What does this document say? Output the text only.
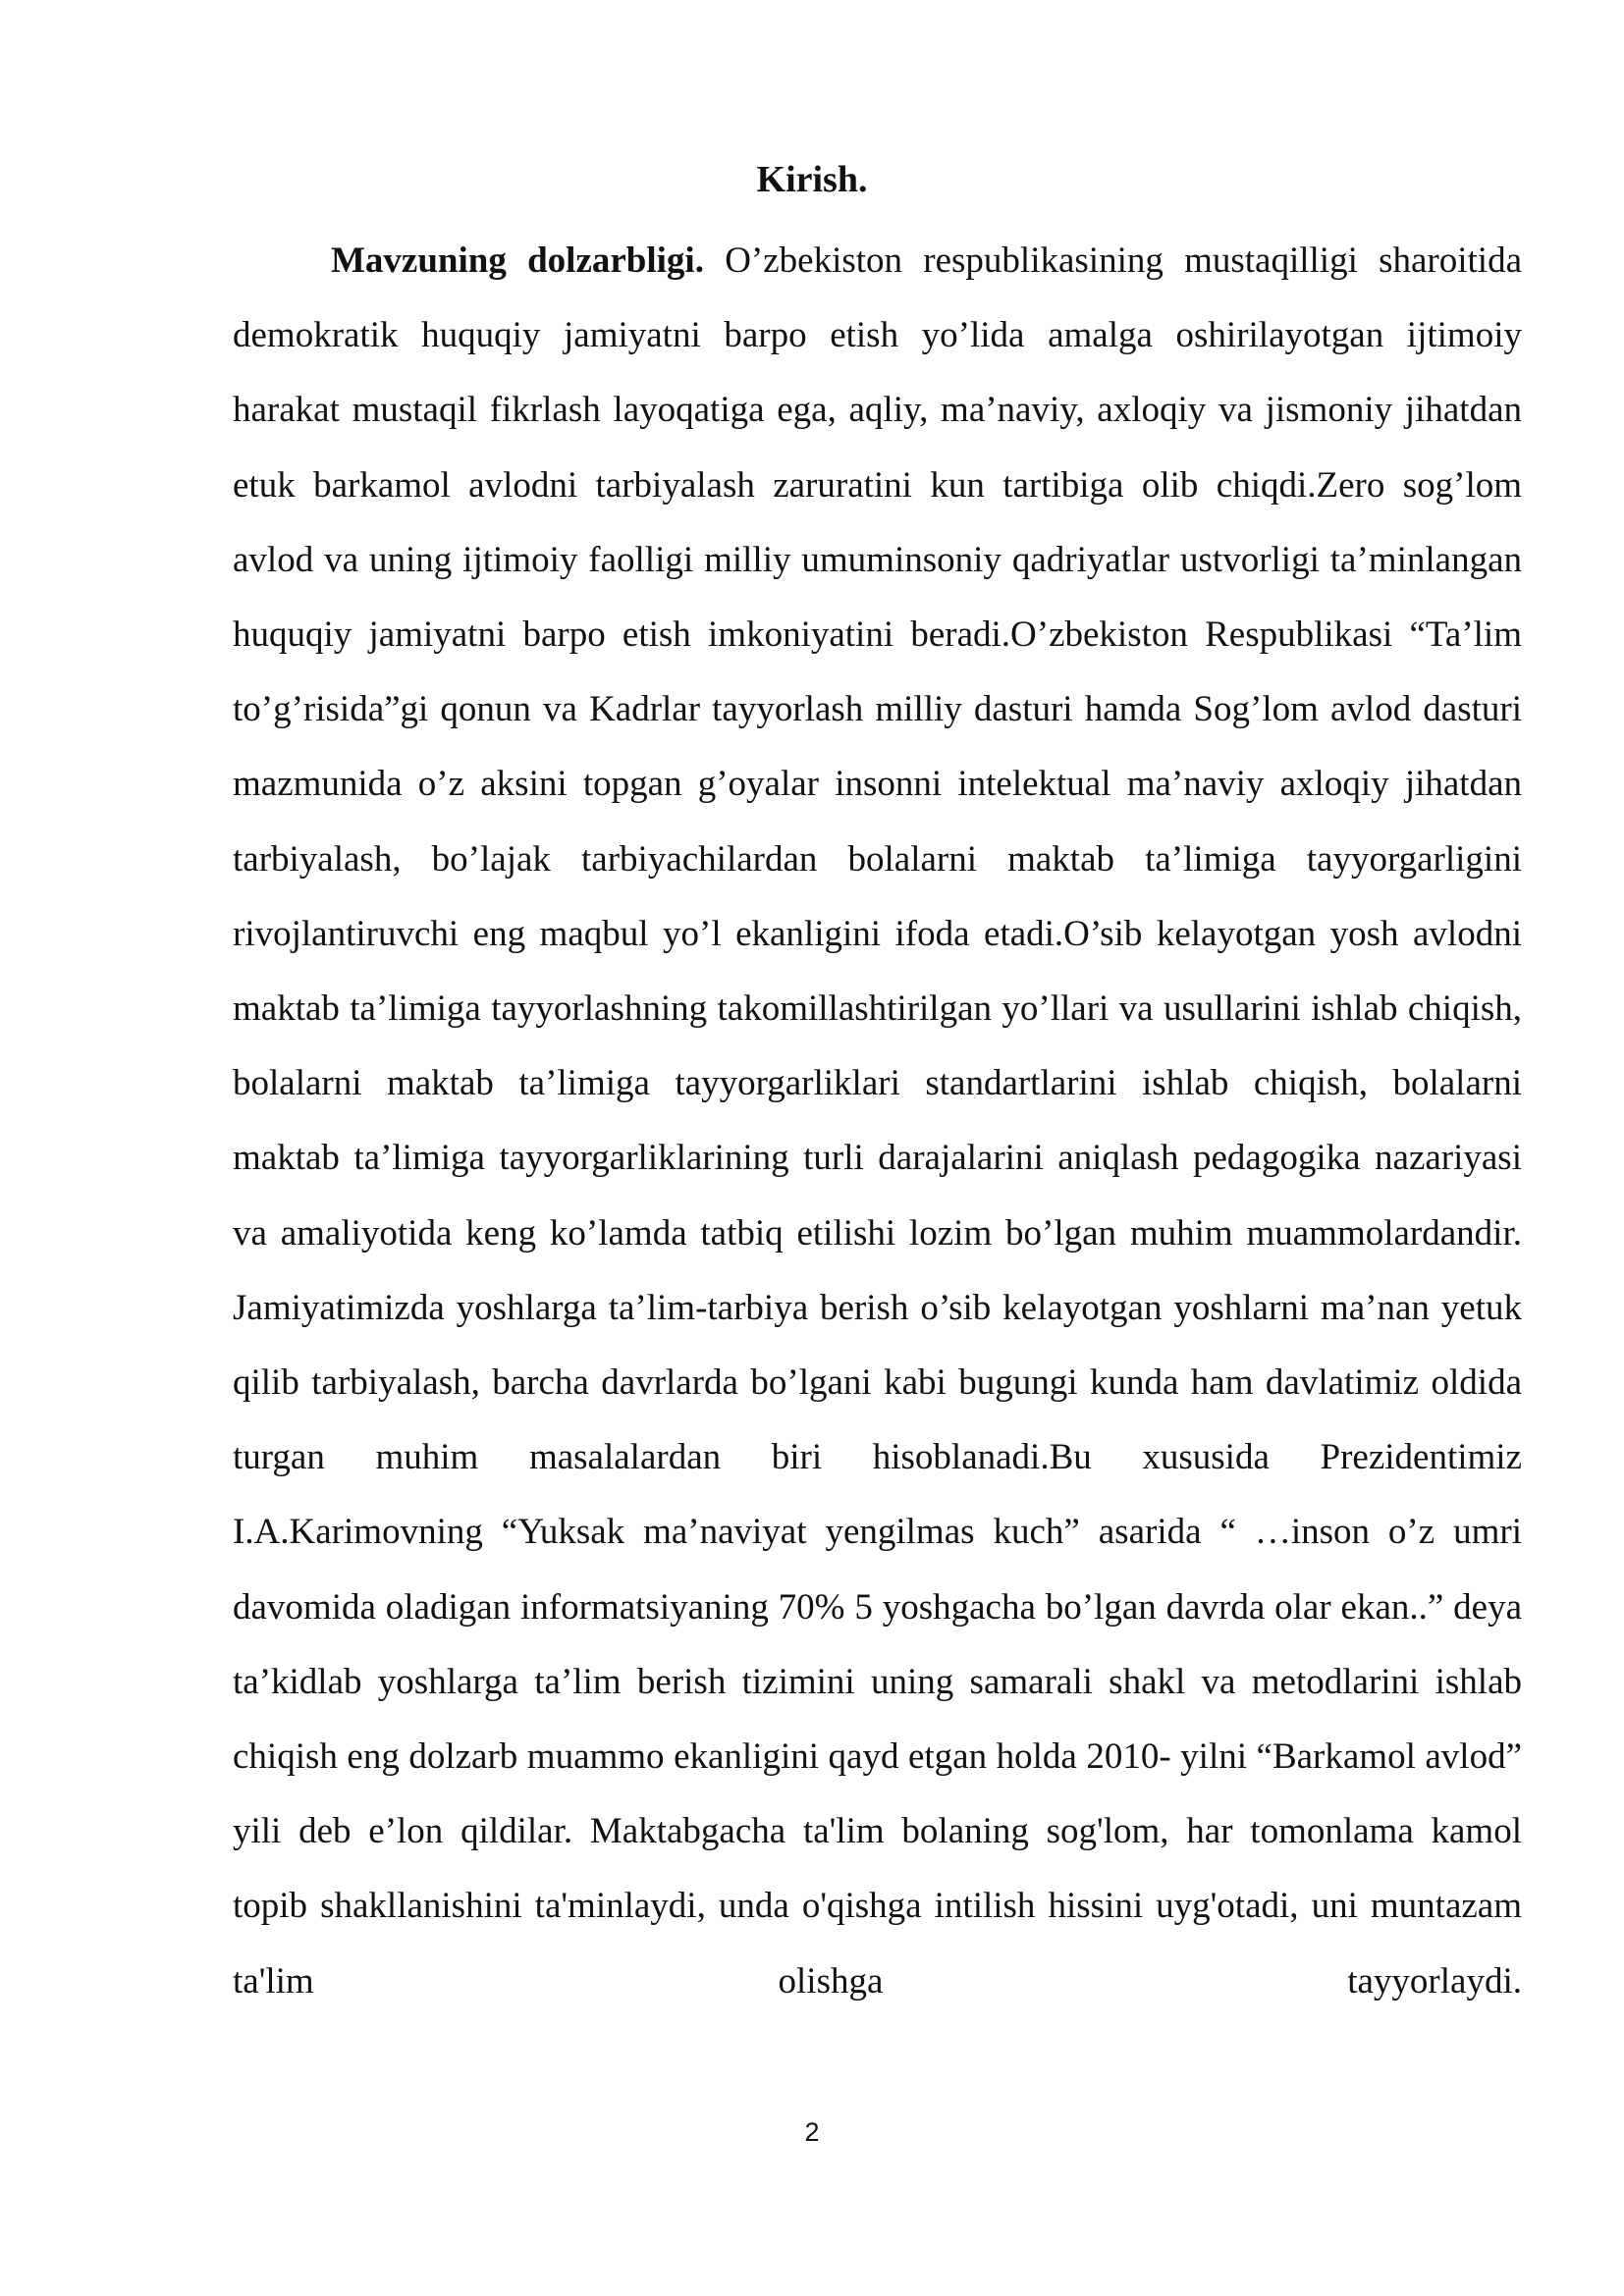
Kirish.

Mavzuning dolzarbligi. O’zbekiston respublikasining mustaqilligi sharoitida demokratik huquqiy jamiyatni barpo etish yo’lida amalga oshirilayotgan ijtimoiy harakat mustaqil fikrlash layoqatiga ega, aqliy, ma’naviy, axloqiy va jismoniy jihatdan etuk barkamol avlodni tarbiyalash zaruratini kun tartibiga olib chiqdi.Zero sog’lom avlod va uning ijtimoiy faolligi milliy umuminsoniy qadriyatlar ustvorligi ta’minlangan huquqiy jamiyatni barpo etish imkoniyatini beradi.O’zbekiston Respublikasi “Ta’lim to’g’risida”gi qonun va Kadrlar tayyorlash milliy dasturi hamda Sog’lom avlod dasturi mazmunida o’z aksini topgan g’oyalar insonni intelektual ma’naviy axloqiy jihatdan tarbiyalash, bo’lajak tarbiyachilardan bolalarni maktab ta’limiga tayyorgarligini rivojlantiruvchi eng maqbul yo’l ekanligini ifoda etadi.O’sib kelayotgan yosh avlodni maktab ta’limiga tayyorlashning takomillashtirilgan yo’llari va usullarini ishlab chiqish, bolalarni maktab ta’limiga tayyorgarliklari standartlarini ishlab chiqish, bolalarni maktab ta’limiga tayyorgarliklarining turli darajalarini aniqlash pedagogika nazariyasi va amaliyotida keng ko’lamda tatbiq etilishi lozim bo’lgan muhim muammolardandir. Jamiyatimizda yoshlarga ta’lim-tarbiya berish o’sib kelayotgan yoshlarni ma’nan yetuk qilib tarbiyalash, barcha davrlarda bo’lgani kabi bugungi kunda ham davlatimiz oldida turgan muhim masalalardan biri hisoblanadi.Bu xususida Prezidentimiz I.A.Karimovning “Yuksak ma’naviyat yengilmas kuch” asarida “ …inson o’z umri davomida oladigan informatsiyaning 70% 5 yoshgacha bo’lgan davrda olar ekan..” deya ta’kidlab yoshlarga ta’lim berish tizimini uning samarali shakl va metodlarini ishlab chiqish eng dolzarb muammo ekanligini qayd etgan holda 2010- yilni “Barkamol avlod” yili deb e’lon qildilar. Maktabgacha ta'lim bolaning sog'lom, har tomonlama kamol topib shakllanishini ta'minlaydi, unda o'qishga intilish hissini uyg'otadi, uni muntazam ta'lim olishga tayyorlaydi.

2
